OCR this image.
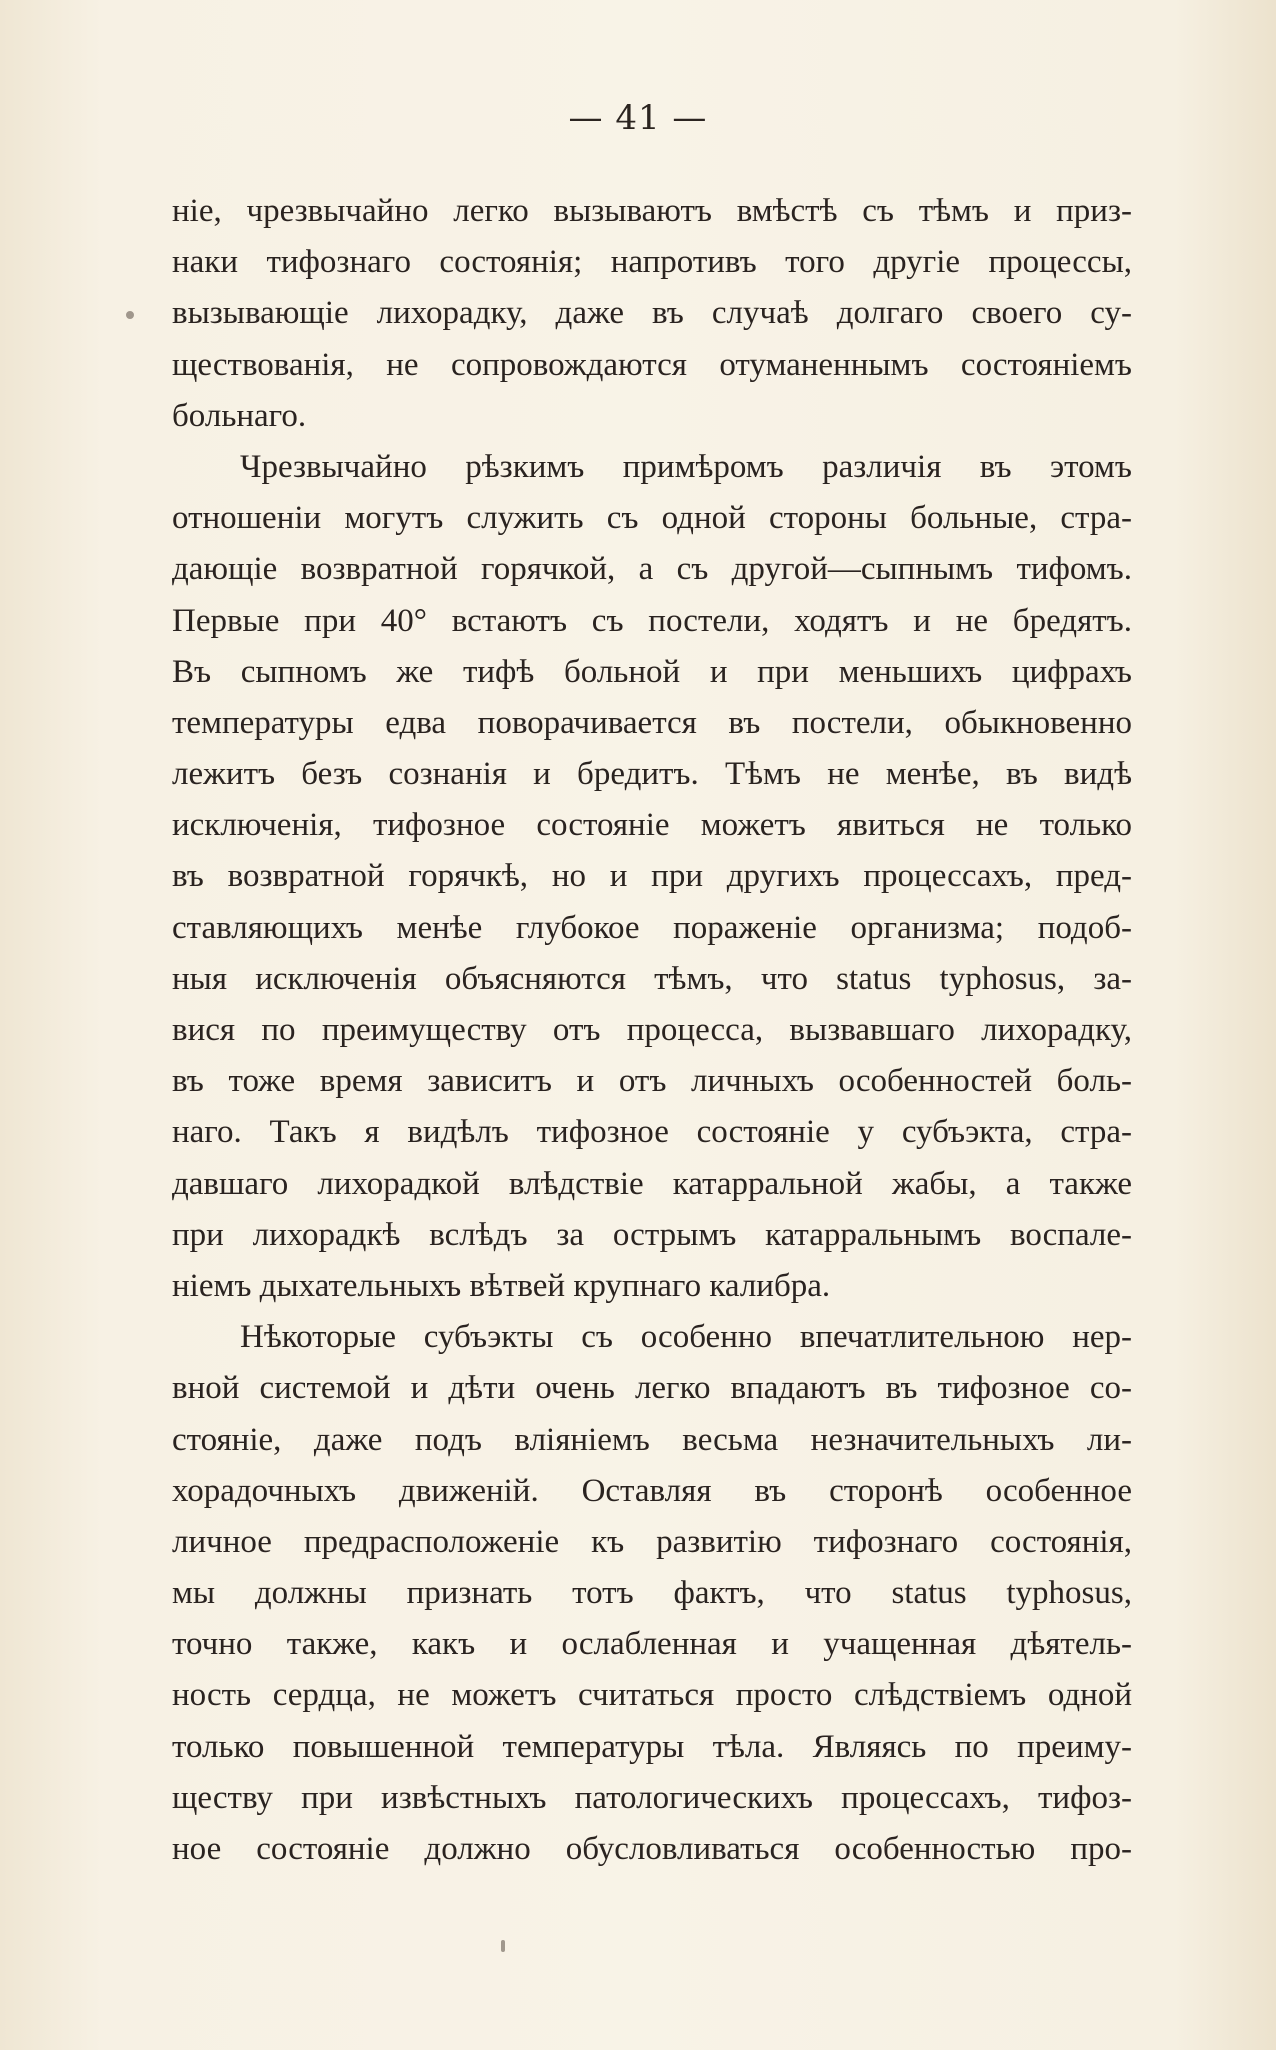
— 41 —
ніе, чрезвычайно легко вызываютъ вмѣстѣ съ тѣмъ и приз-
наки тифознаго состоянія; напротивъ того другіе процессы,
вызывающіе лихорадку, даже въ случаѣ долгаго своего су-
ществованія, не сопровождаются отуманеннымъ состояніемъ
больнаго.
Чрезвычайно рѣзкимъ примѣромъ различія въ этомъ
отношеніи могутъ служить съ одной стороны больные, стра-
дающіе возвратной горячкой, а съ другой—сыпнымъ тифомъ.
Первые при 40° встаютъ съ постели, ходятъ и не бредятъ.
Въ сыпномъ же тифѣ больной и при меньшихъ цифрахъ
температуры едва поворачивается въ постели, обыкновенно
лежитъ безъ сознанія и бредитъ. Тѣмъ не менѣе, въ видѣ
исключенія, тифозное состояніе можетъ явиться не только
въ возвратной горячкѣ, но и при другихъ процессахъ, пред-
ставляющихъ менѣе глубокое пораженіе организма; подоб-
ныя исключенія объясняются тѣмъ, что status typhosus, за-
вися по преимуществу отъ процесса, вызвавшаго лихорадку,
въ тоже время зависитъ и отъ личныхъ особенностей боль-
наго. Такъ я видѣлъ тифозное состояніе у субъэкта, стра-
давшаго лихорадкой влѣдствіе катарральной жабы, а также
при лихорадкѣ вслѣдъ за острымъ катарральнымъ воспале-
ніемъ дыхательныхъ вѣтвей крупнаго калибра.
Нѣкоторые субъэкты съ особенно впечатлительною нер-
вной системой и дѣти очень легко впадаютъ въ тифозное со-
стояніе, даже подъ вліяніемъ весьма незначительныхъ ли-
хорадочныхъ движеній. Оставляя въ сторонѣ особенное
личное предрасположеніе къ развитію тифознаго состоянія,
мы должны признать тотъ фактъ, что status typhosus,
точно также, какъ и ослабленная и учащенная дѣятель-
ность сердца, не можетъ считаться просто слѣдствіемъ одной
только повышенной температуры тѣла. Являясь по преиму-
ществу при извѣстныхъ патологическихъ процессахъ, тифоз-
ное состояніе должно обусловливаться особенностью про-
